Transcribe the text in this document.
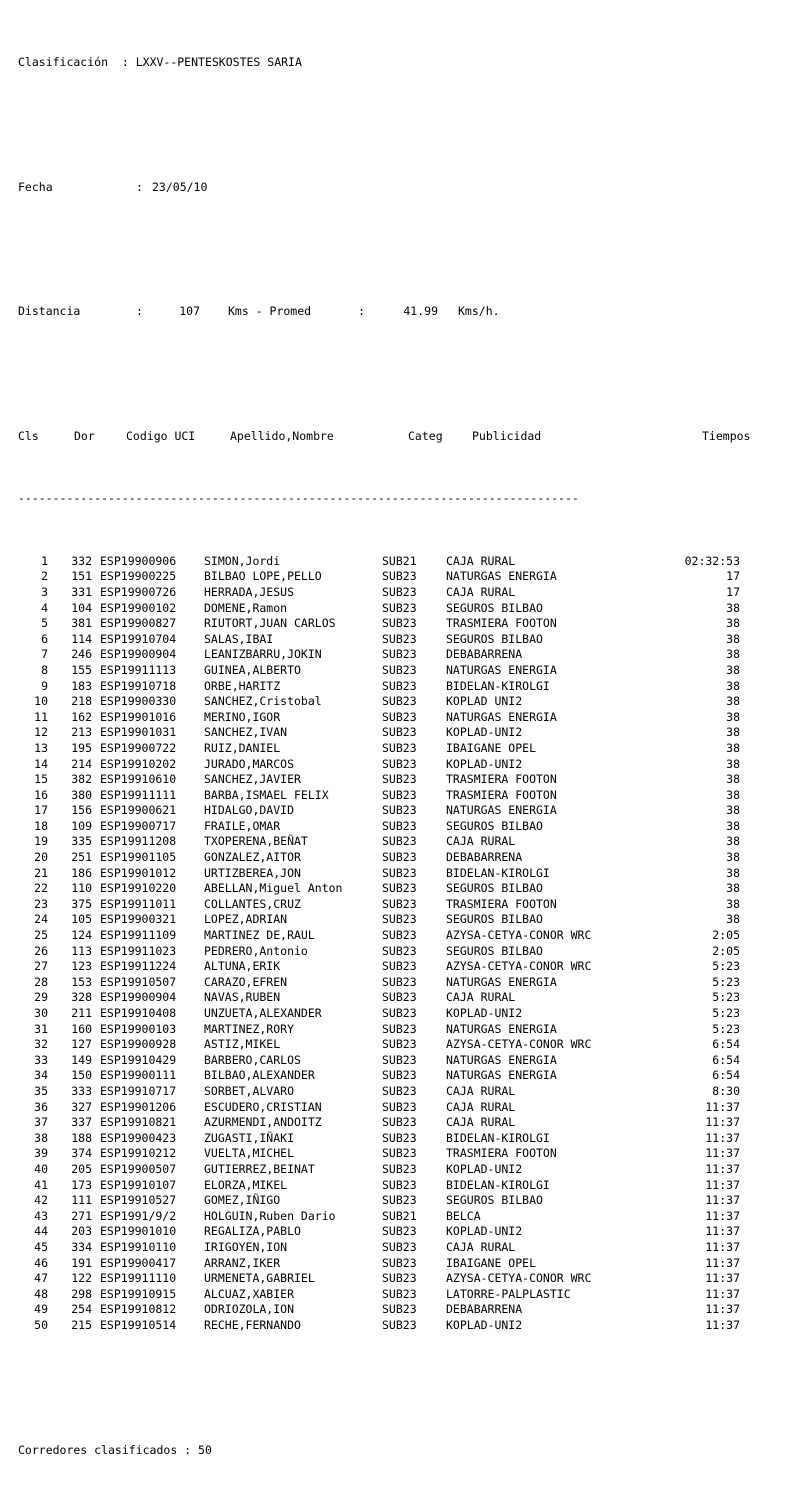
Clasificación  : LXXV--PENTESKOSTES SARIA

Fecha	: 23/05/10

Distancia	:	107 Kms - Promed	:	41.99 Kms/h.

Cls	Dor	Codigo UCI	Apellido,Nombre	Categ	Publicidad	Tiempos

---------------------------------------------------------------------------------

1 332 ESP19900906 SIMON,Jordi	SUB21	CAJA RURAL	02:32:53
2 151 ESP19900225 BILBAO LOPE,PELLO	SUB23	NATURGAS ENERGIA	17
3 331 ESP19900726 HERRADA,JESUS	SUB23	CAJA RURAL	17
4 104 ESP19900102 DOMENE,Ramon	SUB23	SEGUROS BILBAO	38
5 381 ESP19900827 RIUTORT,JUAN CARLOS	SUB23	TRASMIERA FOOTON	38
6 114 ESP19910704 SALAS,IBAI	SUB23	SEGUROS BILBAO	38
7 246 ESP19900904 LEANIZBARRU,JOKIN	SUB23	DEBABARRENA	38
8 155 ESP19911113 GUINEA,ALBERTO	SUB23	NATURGAS ENERGIA	38
9 183 ESP19910718 ORBE,HARITZ	SUB23	BIDELAN-KIROLGI	38
10 218 ESP19900330 SANCHEZ,Cristobal	SUB23	KOPLAD UNI2	38
11 162 ESP19901016 MERINO,IGOR	SUB23	NATURGAS ENERGIA	38
12 213 ESP19901031 SANCHEZ,IVAN	SUB23	KOPLAD-UNI2	38
13 195 ESP19900722 RUIZ,DANIEL	SUB23	IBAIGANE OPEL	38
14 214 ESP19910202 JURADO,MARCOS	SUB23	KOPLAD-UNI2	38
15 382 ESP19910610 SANCHEZ,JAVIER	SUB23	TRASMIERA FOOTON	38
16 380 ESP19911111 BARBA,ISMAEL FELIX	SUB23	TRASMIERA FOOTON	38
17 156 ESP19900621 HIDALGO,DAVID	SUB23	NATURGAS ENERGIA	38
18 109 ESP19900717 FRAILE,OMAR	SUB23	SEGUROS BILBAO	38
19 335 ESP19911208 TXOPERENA,BEÑAT	SUB23	CAJA RURAL	38
20 251 ESP19901105 GONZALEZ,AITOR	SUB23	DEBABARRENA	38
21 186 ESP19901012 URTIZBEREA,JON	SUB23	BIDELAN-KIROLGI	38
22 110 ESP19910220 ABELLAN,Miguel Anton	SUB23	SEGUROS BILBAO	38
23 375 ESP19911011 COLLANTES,CRUZ	SUB23	TRASMIERA FOOTON	38
24 105 ESP19900321 LOPEZ,ADRIAN	SUB23	SEGUROS BILBAO	38
25 124 ESP19911109 MARTINEZ DE,RAUL	SUB23	AZYSA-CETYA-CONOR WRC	2:05
26 113 ESP19911023 PEDRERO,Antonio	SUB23	SEGUROS BILBAO	2:05
27 123 ESP19911224 ALTUNA,ERIK	SUB23	AZYSA-CETYA-CONOR WRC	5:23
28 153 ESP19910507 CARAZO,EFREN	SUB23	NATURGAS ENERGIA	5:23
29 328 ESP19900904 NAVAS,RUBEN	SUB23	CAJA RURAL	5:23
30 211 ESP19910408 UNZUETA,ALEXANDER	SUB23	KOPLAD-UNI2	5:23
31 160 ESP19900103 MARTINEZ,RORY	SUB23	NATURGAS ENERGIA	5:23
32 127 ESP19900928 ASTIZ,MIKEL	SUB23	AZYSA-CETYA-CONOR WRC	6:54
33 149 ESP19910429 BARBERO,CARLOS	SUB23	NATURGAS ENERGIA	6:54
34 150 ESP19900111 BILBAO,ALEXANDER	SUB23	NATURGAS ENERGIA	6:54
35 333 ESP19910717 SORBET,ALVARO	SUB23	CAJA RURAL	8:30
36 327 ESP19901206 ESCUDERO,CRISTIAN	SUB23	CAJA RURAL	11:37
37 337 ESP19910821 AZURMENDI,ANDOITZ	SUB23	CAJA RURAL	11:37
38 188 ESP19900423 ZUGASTI,IÑAKI	SUB23	BIDELAN-KIROLGI	11:37
39 374 ESP19910212 VUELTA,MICHEL	SUB23	TRASMIERA FOOTON	11:37
40 205 ESP19900507 GUTIERREZ,BEINAT	SUB23	KOPLAD-UNI2	11:37
41 173 ESP19910107 ELORZA,MIKEL	SUB23	BIDELAN-KIROLGI	11:37
42 111 ESP19910527 GOMEZ,IÑIGO	SUB23	SEGUROS BILBAO	11:37
43 271 ESP1991/9/2 HOLGUIN,Ruben Dario	SUB21	BELCA	11:37
44 203 ESP19901010 REGALIZA,PABLO	SUB23	KOPLAD-UNI2	11:37
45 334 ESP19910110 IRIGOYEN,ION	SUB23	CAJA RURAL	11:37
46 191 ESP19900417 ARRANZ,IKER	SUB23	IBAIGANE OPEL	11:37
47 122 ESP19911110 URMENETA,GABRIEL	SUB23	AZYSA-CETYA-CONOR WRC	11:37
48 298 ESP19910915 ALCUAZ,XABIER	SUB23	LATORRE-PALPLASTIC	11:37
49 254 ESP19910812 ODRIOZOLA,ION	SUB23	DEBABARRENA	11:37
50 215 ESP19910514 RECHE,FERNANDO	SUB23	KOPLAD-UNI2	11:37

Corredores clasificados : 50
